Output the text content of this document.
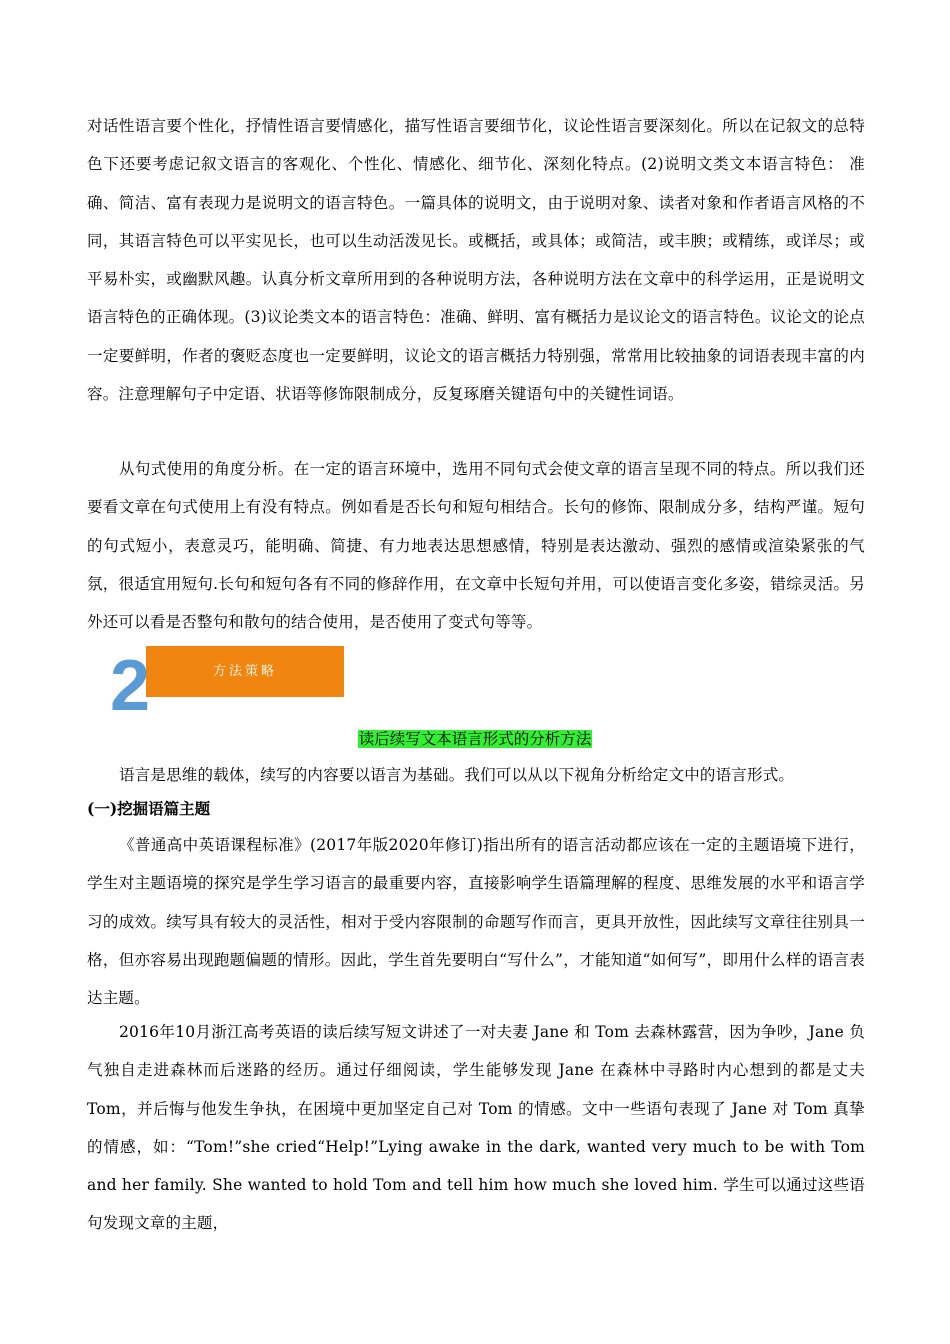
对话性语言要个性化，抒情性语言要情感化，描写性语言要细节化，议论性语言要深刻化。所以在记叙文的总特色下还要考虑记叙文语言的客观化、个性化、情感化、细节化、深刻化特点。(2)说明文类文本语言特色： 准确、简洁、富有表现力是说明文的语言特色。一篇具体的说明文，由于说明对象、读者对象和作者语言风格的不同，其语言特色可以平实见长，也可以生动活泼见长。或概括，或具体；或简洁，或丰腴；或精练，或详尽；或平易朴实，或幽默风趣。认真分析文章所用到的各种说明方法，各种说明方法在文章中的科学运用，正是说明文语言特色的正确体现。(3)议论类文本的语言特色：准确、鲜明、富有概括力是议论文的语言特色。议论文的论点一定要鲜明，作者的褒贬态度也一定要鲜明，议论文的语言概括力特别强，常常用比较抽象的词语表现丰富的内容。注意理解句子中定语、状语等修饰限制成分，反复琢磨关键语句中的关键性词语。

从句式使用的角度分析。在一定的语言环境中，选用不同句式会使文章的语言呈现不同的特点。所以我们还要看文章在句式使用上有没有特点。例如看是否长句和短句相结合。长句的修饰、限制成分多，结构严谨。短句的句式短小，表意灵巧，能明确、简捷、有力地表达思想感情，特别是表达激动、强烈的感情或渲染紧张的气氛，很适宜用短句.长句和短句各有不同的修辞作用，在文章中长短句并用，可以使语言变化多姿，错综灵活。另外还可以看是否整句和散句的结合使用，是否使用了变式句等等。

方法策略
2
读后续写文本语言形式的分析方法

语言是思维的载体，续写的内容要以语言为基础。我们可以从以下视角分析给定文中的语言形式。

(一)挖掘语篇主题

《普通高中英语课程标准》(2017年版2020年修订)指出所有的语言活动都应该在一定的主题语境下进行，学生对主题语境的探究是学生学习语言的最重要内容，直接影响学生语篇理解的程度、思维发展的水平和语言学习的成效。续写具有较大的灵活性，相对于受内容限制的命题写作而言，更具开放性，因此续写文章往往别具一格，但亦容易出现跑题偏题的情形。因此，学生首先要明白“写什么”，才能知道“如何写”，即用什么样的语言表达主题。

2016年10月浙江高考英语的读后续写短文讲述了一对夫妻 Jane 和 Tom 去森林露营，因为争吵，Jane 负气独自走进森林而后迷路的经历。通过仔细阅读，学生能够发现 Jane 在森林中寻路时内心想到的都是丈夫 Tom，并后悔与他发生争执，在困境中更加坚定自己对 Tom 的情感。文中一些语句表现了 Jane 对 Tom 真挚的情感，如：“Tom!”she cried“Help!”Lying awake in the dark, wanted very much to be with Tom and her family. She wanted to hold Tom and tell him how much she loved him. 学生可以通过这些语句发现文章的主题，
